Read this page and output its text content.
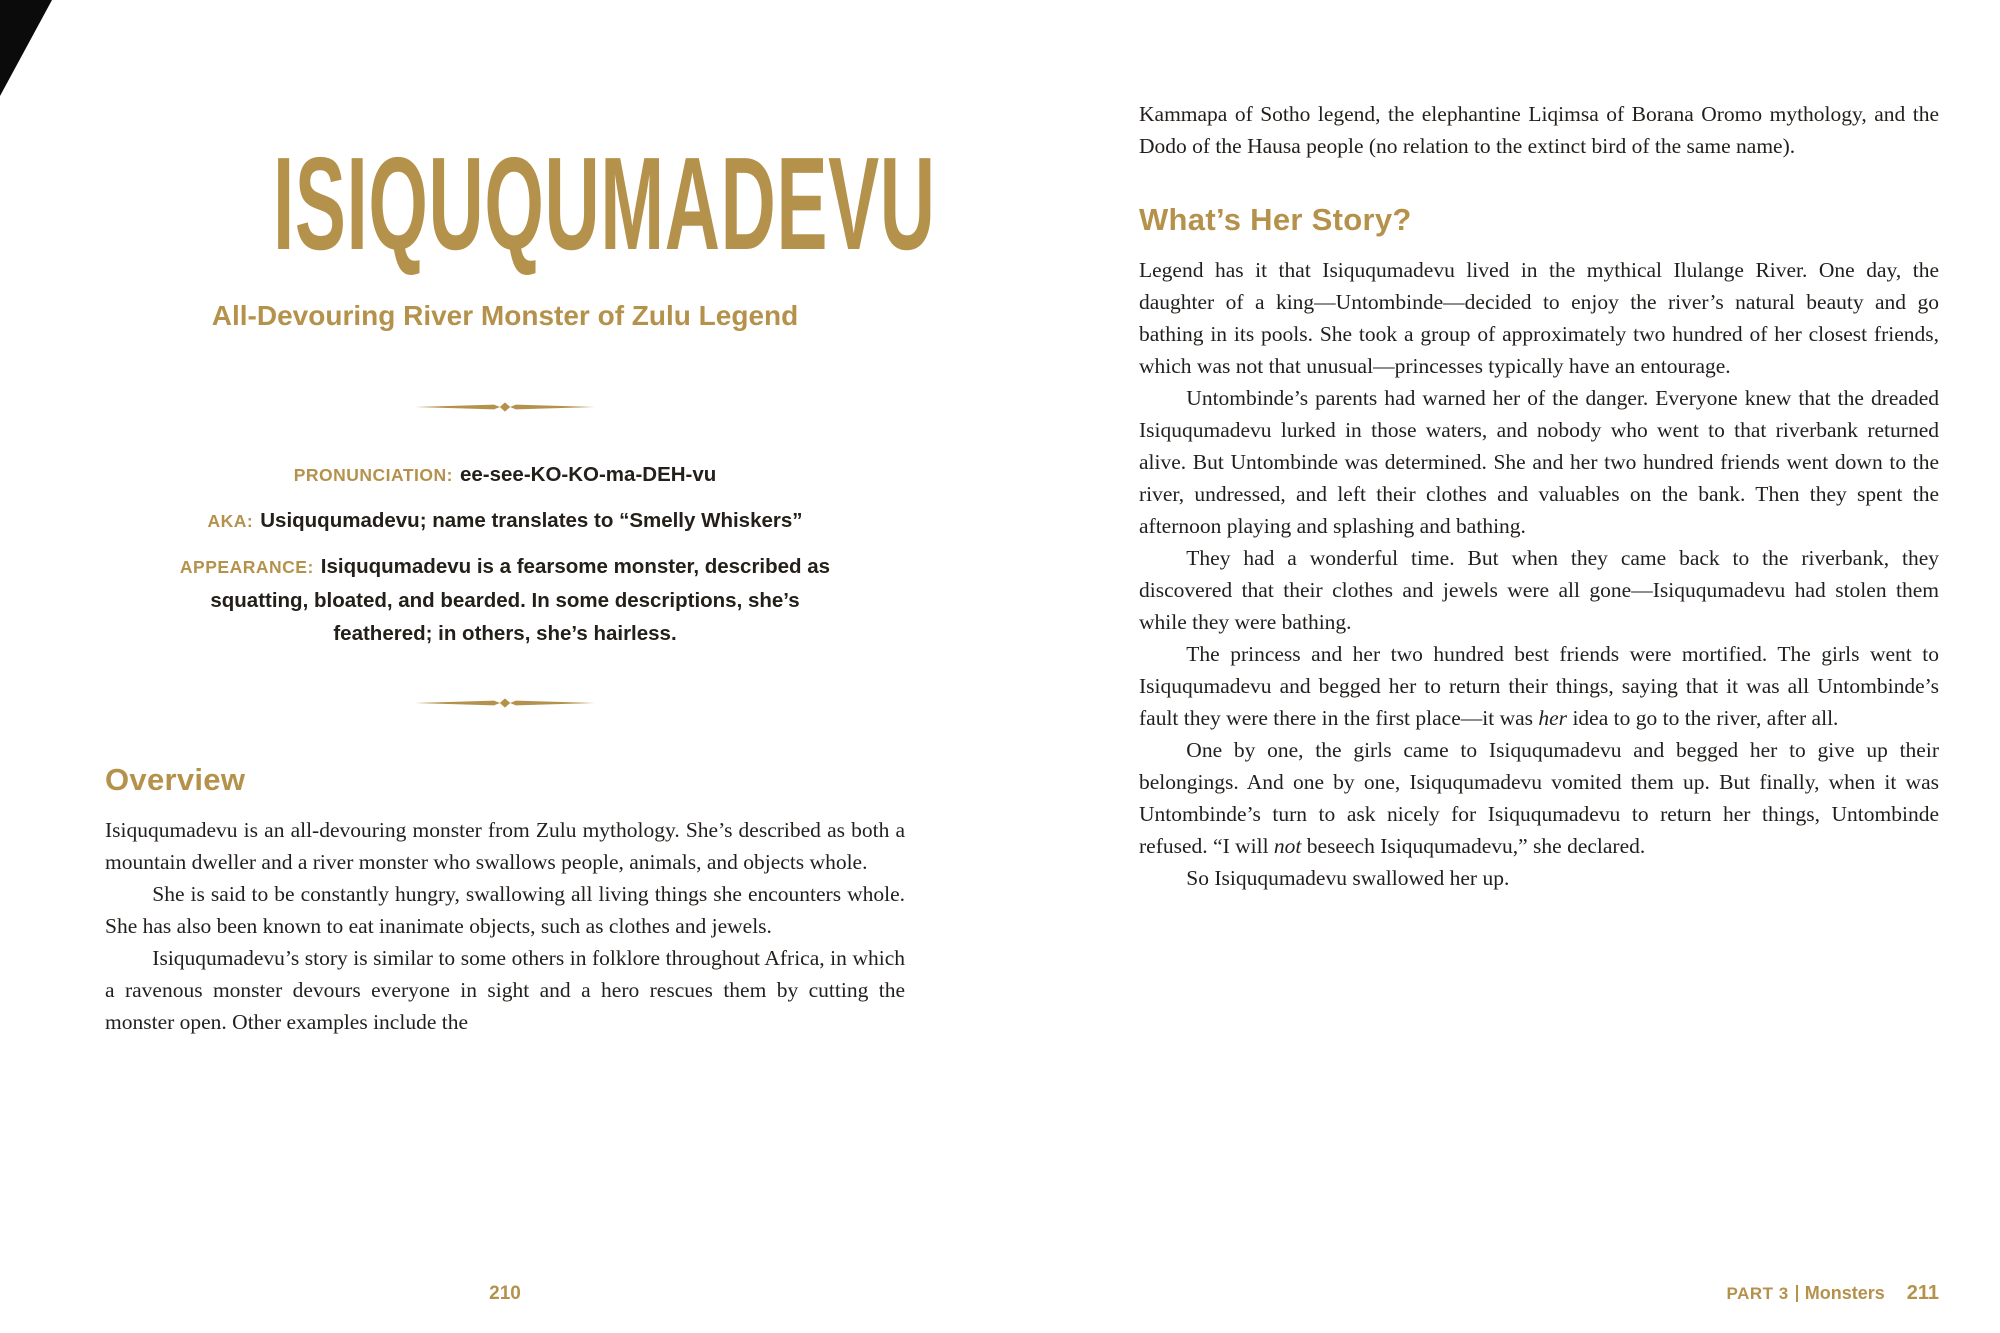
ISIQUQUMADEVU
All-Devouring River Monster of Zulu Legend

PRONUNCIATION: ee-see-KO-KO-ma-DEH-vu

AKA: Usiququmadevu; name translates to “Smelly Whiskers”

APPEARANCE: Isiququmadevu is a fearsome monster, described as squatting, bloated, and bearded. In some descriptions, she’s feathered; in others, she’s hairless.

Overview

Isiququmadevu is an all-devouring monster from Zulu mythology. She’s described as both a mountain dweller and a river monster who swallows people, animals, and objects whole.

She is said to be constantly hungry, swallowing all living things she encounters whole. She has also been known to eat inanimate objects, such as clothes and jewels.

Isiququmadevu’s story is similar to some others in folklore throughout Africa, in which a ravenous monster devours everyone in sight and a hero rescues them by cutting the monster open. Other examples include the

210

Kammapa of Sotho legend, the elephantine Liqimsa of Borana Oromo mythology, and the Dodo of the Hausa people (no relation to the extinct bird of the same name).

What’s Her Story?

Legend has it that Isiququmadevu lived in the mythical Ilulange River. One day, the daughter of a king—Untombinde—decided to enjoy the river’s natural beauty and go bathing in its pools. She took a group of approximately two hundred of her closest friends, which was not that unusual—princesses typically have an entourage.

Untombinde’s parents had warned her of the danger. Everyone knew that the dreaded Isiququmadevu lurked in those waters, and nobody who went to that riverbank returned alive. But Untombinde was determined. She and her two hundred friends went down to the river, undressed, and left their clothes and valuables on the bank. Then they spent the afternoon playing and splashing and bathing.

They had a wonderful time. But when they came back to the riverbank, they discovered that their clothes and jewels were all gone—Isiququmadevu had stolen them while they were bathing.

The princess and her two hundred best friends were mortified. The girls went to Isiququmadevu and begged her to return their things, saying that it was all Untombinde’s fault they were there in the first place—it was her idea to go to the river, after all.

One by one, the girls came to Isiququmadevu and begged her to give up their belongings. And one by one, Isiququmadevu vomited them up. But finally, when it was Untombinde’s turn to ask nicely for Isiququmadevu to return her things, Untombinde refused. “I will not beseech Isiququmadevu,” she declared.

So Isiququmadevu swallowed her up.

PART 3 Monsters 211
